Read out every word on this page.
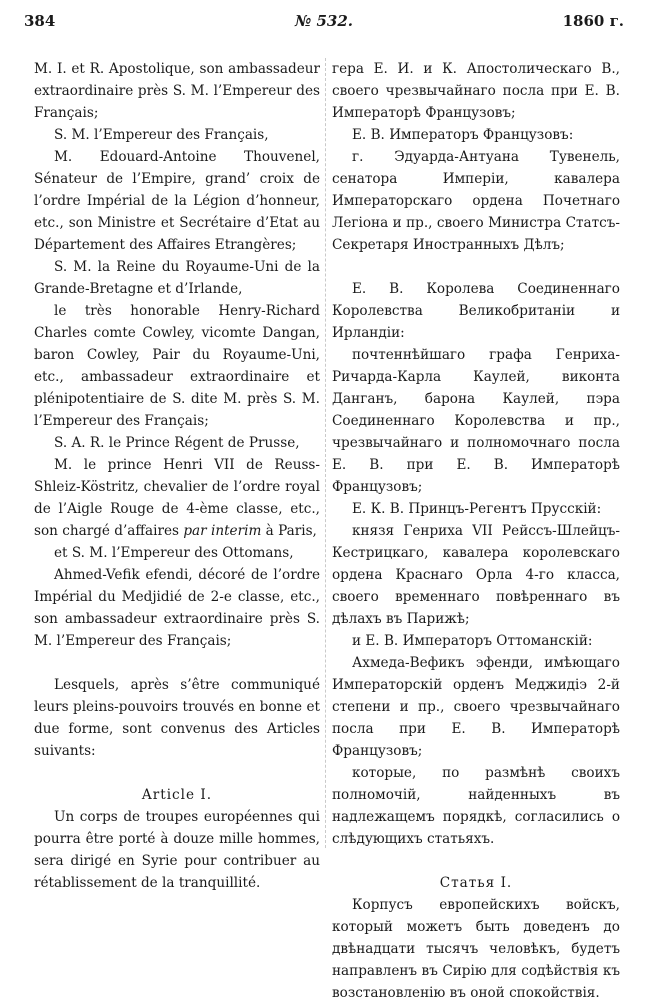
№ 532.
384	1860 г.

M. I. et R. Apostolique, son ambassadeur extraordinaire près S. M. l’Empereur des Français;

S. M. l’Empereur des Français,

M. Edouard-Antoine Thouvenel, Sénateur de l’Empire, grand’ croix de l’ordre Impérial de la Légion d’honneur, etc., son Ministre et Secrétaire d’Etat au Département des Affaires Etrangères;

S. M. la Reine du Royaume-Uni de la Grande-Bretagne et d’Irlande,

le très honorable Henry-Richard Charles comte Cowley, vicomte Dangan, baron Cowley, Pair du Royaume-Uni, etc., ambassadeur extraordinaire et plénipotentiaire de S. dite M. près S. M. l’Empereur des Français;

S. A. R. le Prince Régent de Prusse,

M. le prince Henri VII de Reuss-Shleiz-Köstritz, chevalier de l’ordre royal de l’Aigle Rouge de 4-ème classe, etc., son chargé d’affaires par interim à Paris,

et S. M. l’Empereur des Ottomans,

Ahmed-Vefik efendi, décoré de l’ordre Impérial du Medjidié de 2-e classe, etc., son ambassadeur extraordinaire près S. M. l’Empereur des Français;

Lesquels, après s’être communiqué leurs pleins-pouvoirs trouvés en bonne et due forme, sont convenus des Articles suivants:

Article I.

Un corps de troupes européennes qui pourra être porté à douze mille hommes, sera dirigé en Syrie pour contribuer au rétablissement de la tranquillité.

гера Е. И. и К. Апостолическаго В., своего чрезвычайнаго посла при Е. В. Императорѣ Французовъ;

Е. В. Императоръ Французовъ:

г. Эдуарда-Антуана Тувенель, сенатора Имперіи, кавалера Императорскаго ордена Почетнаго Легіона и пр., своего Министра Статсъ-Секретаря Иностранныхъ Дѣлъ;

Е. В. Королева Соединеннаго Королевства Великобританіи и Ирландіи:

почтеннѣйшаго графа Генриха-Ричарда-Карла Каулей, виконта Данганъ, барона Каулей, пэра Соединеннаго Королевства и пр., чрезвычайнаго и полномочнаго посла Е. В. при Е. В. Императорѣ Французовъ;

Е. К. В. Принцъ-Регентъ Прусскій:

князя Генриха VII Рейссъ-Шлейцъ-Кестрицкаго, кавалера королевскаго ордена Краснаго Орла 4-го класса, своего временнаго повѣреннаго въ дѣлахъ въ Парижѣ;

и Е. В. Императоръ Оттоманскій:

Ахмеда-Вефикъ эфенди, имѣющаго Императорскій орденъ Меджидіэ 2-й степени и пр., своего чрезвычайнаго посла при Е. В. Императорѣ Французовъ;

которые, по размѣнѣ своихъ полномочій, найденныхъ въ надлежащемъ порядкѣ, согласились о слѣдующихъ статьяхъ.

Статья I.

Корпусъ европейскихъ войскъ, который можетъ быть доведенъ до двѣнадцати тысячъ человѣкъ, будетъ направленъ въ Сирію для содѣйствія къ возстановленію въ оной спокойствія.
